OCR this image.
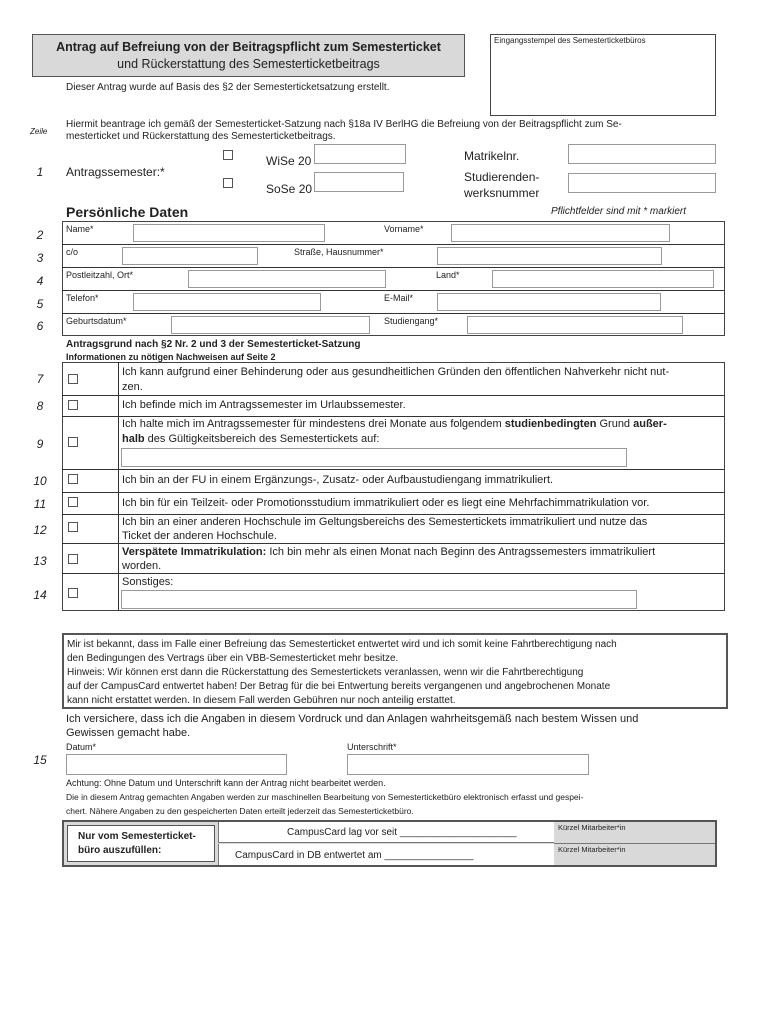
Antrag auf Befreiung von der Beitragspflicht zum Semesterticket
und Rückerstattung des Semesterticketbeitrags
Eingangsstempel des Semesterticketbüros
Dieser Antrag wurde auf Basis des §2 der Semesterticketsatzung erstellt.
Zeile
Hiermit beantrage ich gemäß der Semesterticket-Satzung nach §18a IV BerlHG die Befreiung von der Beitragspflicht zum Se-
mesterticket und Rückerstattung des Semesterticketbeitrags.
1	Antragssemester:*
WiSe 20
SoSe 20
Matrikelnr.
Studierenden-
werksnummer
Persönliche Daten	Pflichtfelder sind mit * markiert
2	Name*	Vorname*
3	c/o	Straße, Hausnummer*
4	Postleitzahl, Ort*	Land*
5	Telefon*	E-Mail*
6	Geburtsdatum*	Studiengang*
Antragsgrund nach §2 Nr. 2 und 3 der Semesterticket-Satzung
Informationen zu nötigen Nachweisen auf Seite 2
7	Ich kann aufgrund einer Behinderung oder aus gesundheitlichen Gründen den öffentlichen Nahverkehr nicht nut-
zen.
8	Ich befinde mich im Antragssemester im Urlaubssemester.
9
Ich halte mich im Antragssemester für mindestens drei Monate aus folgendem studienbedingten Grund außer-
halb des Gültigkeitsbereich des Semestertickets auf:
10	Ich bin an der FU in einem Ergänzungs-, Zusatz- oder Aufbaustudiengang immatrikuliert.
11	Ich bin für ein Teilzeit- oder Promotionsstudium immatrikuliert oder es liegt eine Mehrfachimmatrikulation vor.
12
Ich bin an einer anderen Hochschule im Geltungsbereichs des Semestertickets immatrikuliert und nutze das
Ticket der anderen Hochschule.
13
Verspätete Immatrikulation: Ich bin mehr als einen Monat nach Beginn des Antragssemesters immatrikuliert
worden.
14
Sonstiges:
Mir ist bekannt, dass im Falle einer Befreiung das Semesterticket entwertet wird und ich somit keine Fahrtberechtigung nach
den Bedingungen des Vertrags über ein VBB-Semesterticket mehr besitze.
Hinweis: Wir können erst dann die Rückerstattung des Semestertickets veranlassen, wenn wir die Fahrtberechtigung
auf der CampusCard entwertet haben! Der Betrag für die bei Entwertung bereits vergangenen und angebrochenen Monate
kann nicht erstattet werden. In diesem Fall werden Gebühren nur noch anteilig erstattet.
Ich versichere, dass ich die Angaben in diesem Vordruck und dan Anlagen wahrheitsgemäß nach bestem Wissen und
Gewissen gemacht habe.
15
Datum*	Unterschrift*
Achtung: Ohne Datum und Unterschrift kann der Antrag nicht bearbeitet werden.
Die in diesem Antrag gemachten Angaben werden zur maschinellen Bearbeitung von Semesterticketbüro elektronisch erfasst und gespei-
chert. Nähere Angaben zu den gespeicherten Daten erteilt jederzeit das Semesterticketbüro.
Nur vom Semesterticket-
büro auszufüllen:
CampusCard lag vor seit _____________________
CampusCard in DB entwertet am ________________
Kürzel Mitarbeiter*in
Kürzel Mitarbeiter*in
